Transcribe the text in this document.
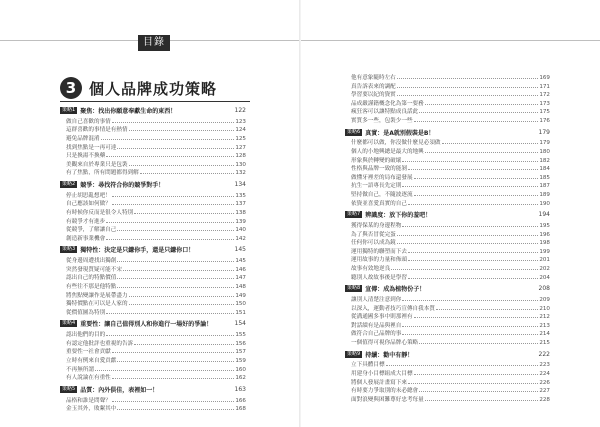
目錄
3 個人品牌成功策略
策略1 聚焦：找出你願意奉獻生命的東西！	122
做自己喜歡的事情	123
這群喜歡的事情是有熱情	124
避免品牌混淆	125
找到焦點是一再可達	127
只是換湯不換藥	128
美觀來自於專業只是包裝	130
有了焦點，所有問題都得到解	132
策略2 競爭：尋找符合你的競爭對手！	134
停止胡思亂想吧！	135
自己應該如何做？	137
有時候你反而是很令人特別	138
有競爭才有進步	139
從競爭，了解讓自己	140
創造新事業機會	142
策略3 獨特性：決定是只鎌你手，還是只鎌你口！	145
從身邊周遭找出獨創	145
突然發現質疑可能不宋	146
認出自己的特點價值	147
有些往不那是他特點	148
將焦點變讓作是展帶盡力	149
獨特價點在可以是人家的	150
從價值圖為特別	151
策略4 重要性：讓自己值得別人和你進行一場好的爭論！	154
認出他們的目的	155
有認定他批評也重視的告訴	156
重要性一社會貢獻	157
立時有例來自愛貢獻	159
不再無所謂	160
有人說論在有重性	162
策略5 品質：內外俱佳，表裡如一！	163
品格和誰是問聲？	166
金玉其外，敗絮其中	168
他有意象隨時左右	169
真告訴表來的調配	171
學習要以紀的資實	172
品成嚴謹籍概念化為第一要務	173
瘋狂客可以讓特點成良話此	175
實質多一些，包裝少一些	176
策略6 真實：是A就別假裝是B！	179
什麼都可以做，你沒做什麼見必須做	179
個人的小地興總是最大的地興	180
形象與於轉變的破壞	182
性格與品牌一致的能剝	184
做懂牙裡差的局布還發展	185
抗生一語專長先定則	187
堅持做自己，不隨波逐流	189
依資並喜愛真實的自己	190
策略7 辨識度：放下你的羞吧！	194
獲得保某的身邊程物	195
為了與否冒從完蛋	196
任何你可以成為鏡	198
運用獨特的聯塑而下去	199
運用故事的力量和佈頭	201
故事有效地逆良	202
聽別人故故事後是學習	204
策略8 宣傳：成為植物份子！	208
讓別人清楚注意到你	209
以深入，運動者技巧宣傳自我本質	210
從溝通國多事中則那裡有	212
對話績有是品與裡自	213
做符合自己品牌的事	214
一個值得可視你品牌心策略	215
策略9 持續：勸中有靜！	222
立下具體目標	223
用建身小目標組成大目標	224
將個人發展計畫寫下來	226
有時要力爭取別的未必總會	227
面對浪變與困難尊好忠考每量	228
